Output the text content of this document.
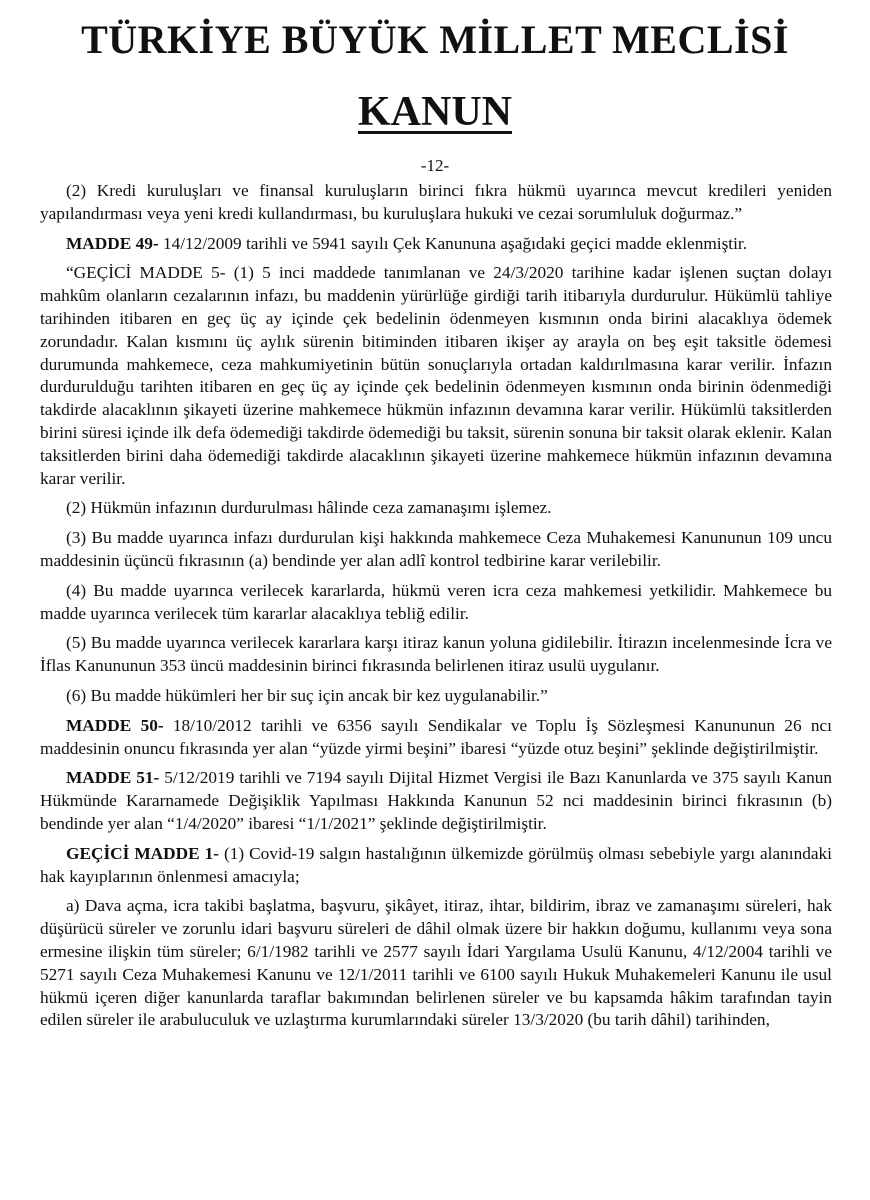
TÜRKİYE BÜYÜK MİLLET MECLİSİ
KANUN
-12-

(2) Kredi kuruluşları ve finansal kuruluşların birinci fıkra hükmü uyarınca mevcut kredileri yeniden yapılandırması veya yeni kredi kullandırması, bu kuruluşlara hukuki ve cezai sorumluluk doğurmaz.”

MADDE 49- 14/12/2009 tarihli ve 5941 sayılı Çek Kanununa aşağıdaki geçici madde eklenmiştir.

“GEÇİCİ MADDE 5- (1) 5 inci maddede tanımlanan ve 24/3/2020 tarihine kadar işlenen suçtan dolayı mahkûm olanların cezalarının infazı, bu maddenin yürürlüğe girdiği tarih itibarıyla durdurulur. Hükümlü tahliye tarihinden itibaren en geç üç ay içinde çek bedelinin ödenmeyen kısmının onda birini alacaklıya ödemek zorundadır. Kalan kısmını üç aylık sürenin bitiminden itibaren ikişer ay arayla on beş eşit taksitle ödemesi durumunda mahkemece, ceza mahkumiyetinin bütün sonuçlarıyla ortadan kaldırılmasına karar verilir. İnfazın durdurulduğu tarihten itibaren en geç üç ay içinde çek bedelinin ödenmeyen kısmının onda birinin ödenmediği takdirde alacaklının şikayeti üzerine mahkemece hükmün infazının devamına karar verilir. Hükümlü taksitlerden birini süresi içinde ilk defa ödemediği takdirde ödemediği bu taksit, sürenin sonuna bir taksit olarak eklenir. Kalan taksitlerden birini daha ödemediği takdirde alacaklının şikayeti üzerine mahkemece hükmün infazının devamına karar verilir.

(2) Hükmün infazının durdurulması hâlinde ceza zamanaşımı işlemez.

(3) Bu madde uyarınca infazı durdurulan kişi hakkında mahkemece Ceza Muhakemesi Kanununun 109 uncu maddesinin üçüncü fıkrasının (a) bendinde yer alan adlî kontrol tedbirine karar verilebilir.

(4) Bu madde uyarınca verilecek kararlarda, hükmü veren icra ceza mahkemesi yetkilidir. Mahkemece bu madde uyarınca verilecek tüm kararlar alacaklıya tebliğ edilir.

(5) Bu madde uyarınca verilecek kararlara karşı itiraz kanun yoluna gidilebilir. İtirazın incelenmesinde İcra ve İflas Kanununun 353 üncü maddesinin birinci fıkrasında belirlenen itiraz usulü uygulanır.

(6) Bu madde hükümleri her bir suç için ancak bir kez uygulanabilir.”

MADDE 50- 18/10/2012 tarihli ve 6356 sayılı Sendikalar ve Toplu İş Sözleşmesi Kanununun 26 ncı maddesinin onuncu fıkrasında yer alan “yüzde yirmi beşini” ibaresi “yüzde otuz beşini” şeklinde değiştirilmiştir.

MADDE 51- 5/12/2019 tarihli ve 7194 sayılı Dijital Hizmet Vergisi ile Bazı Kanunlarda ve 375 sayılı Kanun Hükmünde Kararnamede Değişiklik Yapılması Hakkında Kanunun 52 nci maddesinin birinci fıkrasının (b) bendinde yer alan “1/4/2020” ibaresi “1/1/2021” şeklinde değiştirilmiştir.

GEÇİCİ MADDE 1- (1) Covid-19 salgın hastalığının ülkemizde görülmüş olması sebebiyle yargı alanındaki hak kayıplarının önlenmesi amacıyla;

a) Dava açma, icra takibi başlatma, başvuru, şikâyet, itiraz, ihtar, bildirim, ibraz ve zamanaşımı süreleri, hak düşürücü süreler ve zorunlu idari başvuru süreleri de dâhil olmak üzere bir hakkın doğumu, kullanımı veya sona ermesine ilişkin tüm süreler; 6/1/1982 tarihli ve 2577 sayılı İdari Yargılama Usulü Kanunu, 4/12/2004 tarihli ve 5271 sayılı Ceza Muhakemesi Kanunu ve 12/1/2011 tarihli ve 6100 sayılı Hukuk Muhakemeleri Kanunu ile usul hükmü içeren diğer kanunlarda taraflar bakımından belirlenen süreler ve bu kapsamda hâkim tarafından tayin edilen süreler ile arabuluculuk ve uzlaştırma kurumlarındaki süreler 13/3/2020 (bu tarih dâhil) tarihinden,
